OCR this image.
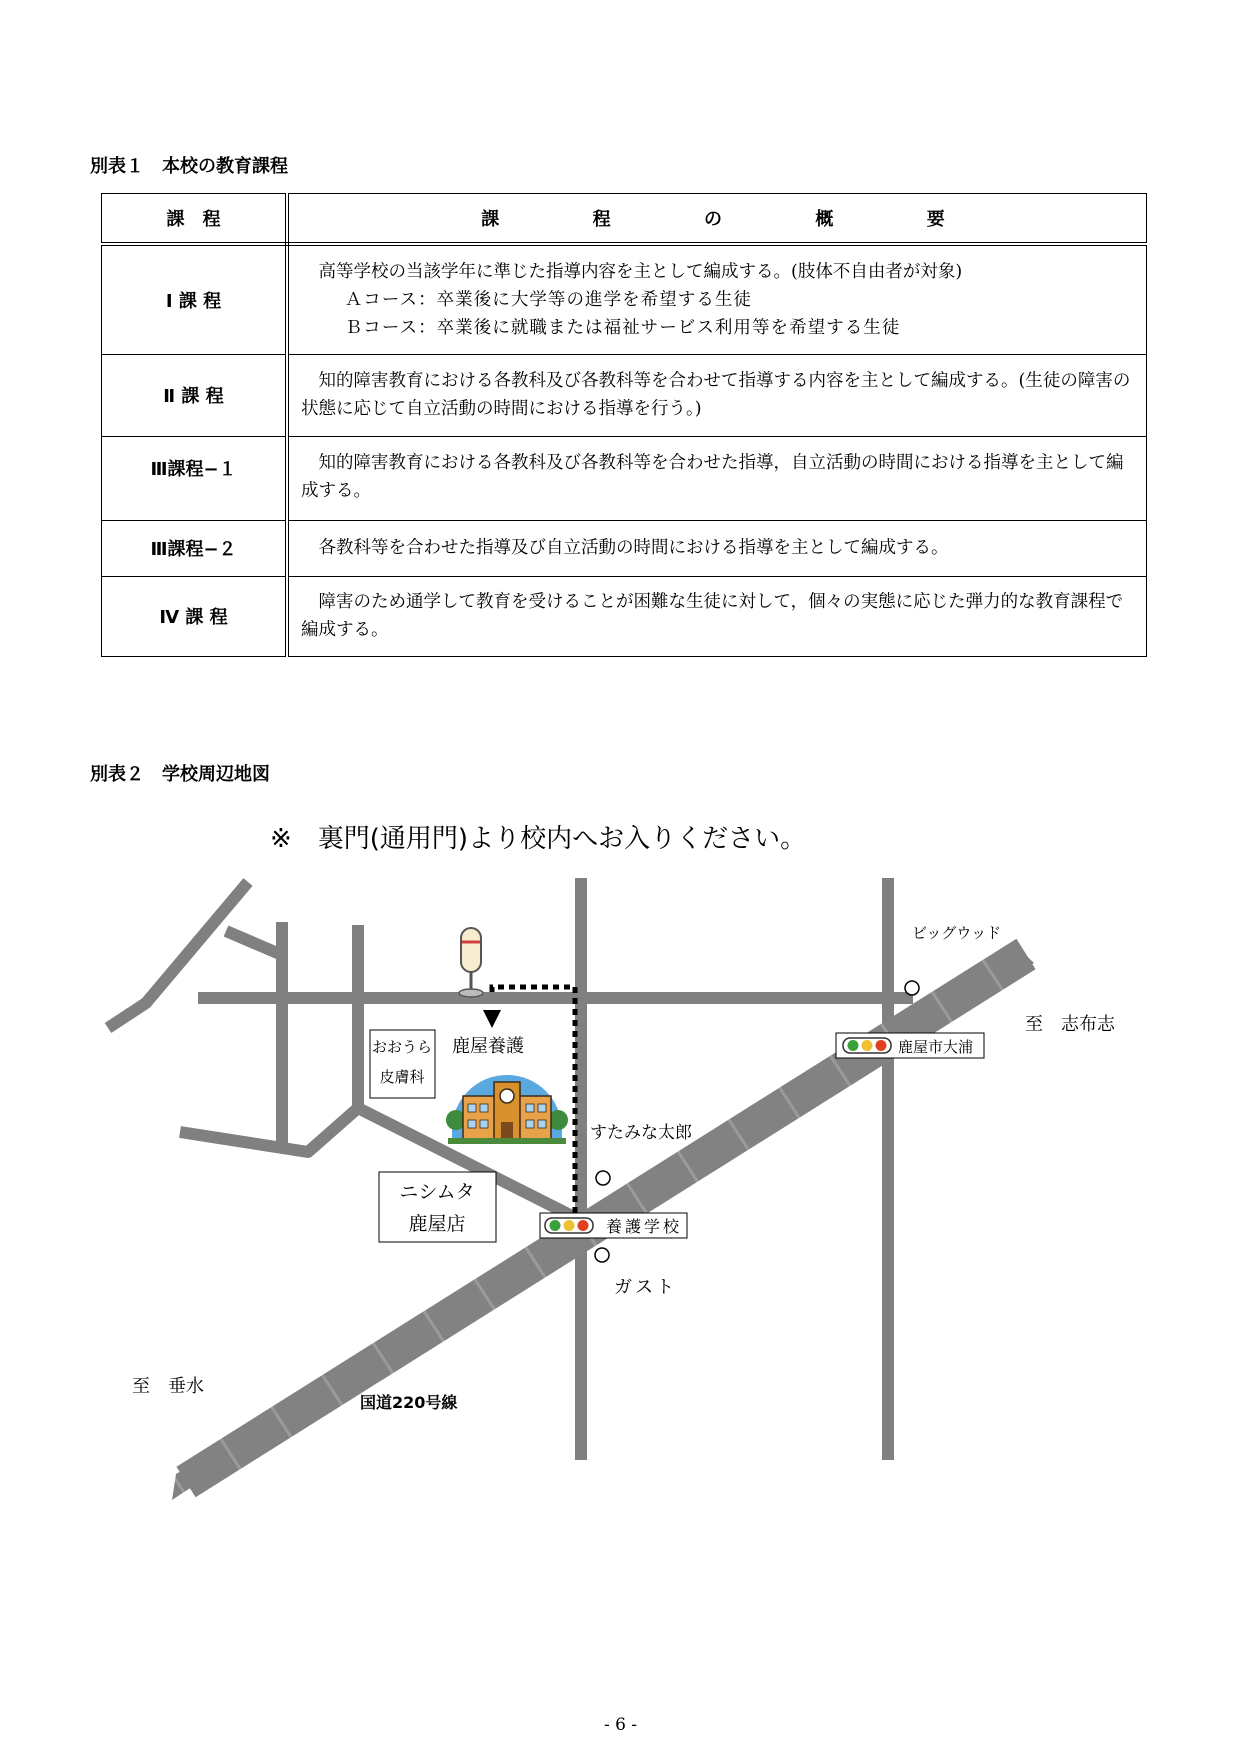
別表１　本校の教育課程
課　程	課 程 の 概 要

Ⅰ 課 程	高等学校の当該学年に準じた指導内容を主として編成する。(肢体不自由者が対象)
Ａコース：卒業後に大学等の進学を希望する生徒
Ｂコース：卒業後に就職または福祉サービス利用等を希望する生徒

Ⅱ 課 程	知的障害教育における各教科及び各教科等を合わせて指導する内容を主として編成する。(生徒の障害の状態に応じて自立活動の時間における指導を行う。)

Ⅲ課程−１	知的障害教育における各教科及び各教科等を合わせた指導，自立活動の時間における指導を主として編成する。

Ⅲ課程−２	各教科等を合わせた指導及び自立活動の時間における指導を主として編成する。

Ⅳ 課 程	障害のため通学して教育を受けることが困難な生徒に対して，個々の実態に応じた弾力的な教育課程で編成する。
別表２　学校周辺地図

※　裏門(通用門)より校内へお入りください。

おおうら
皮膚科
鹿屋養護
ビッグウッド
至　志布志
鹿屋市大浦
すたみな太郎
ニシムタ
鹿屋店	養護学校
ガスト
至　垂水
国道220号線
- 6 -
